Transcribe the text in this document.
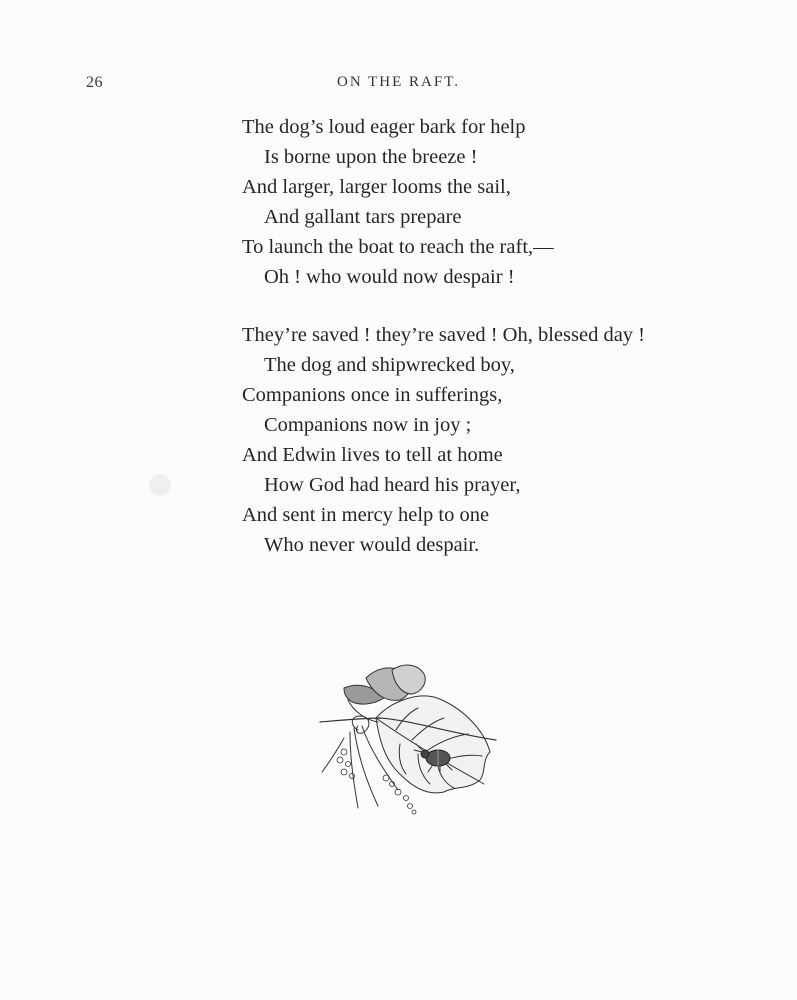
26	ON THE RAFT.
The dog’s loud eager bark for help
Is borne upon the breeze !
And larger, larger looms the sail,
And gallant tars prepare
To launch the boat to reach the raft,—
Oh ! who would now despair !
They’re saved ! they’re saved ! Oh, blessed day !
The dog and shipwrecked boy,
Companions once in sufferings,
Companions now in joy ;
And Edwin lives to tell at home
How God had heard his prayer,
And sent in mercy help to one
Who never would despair.
